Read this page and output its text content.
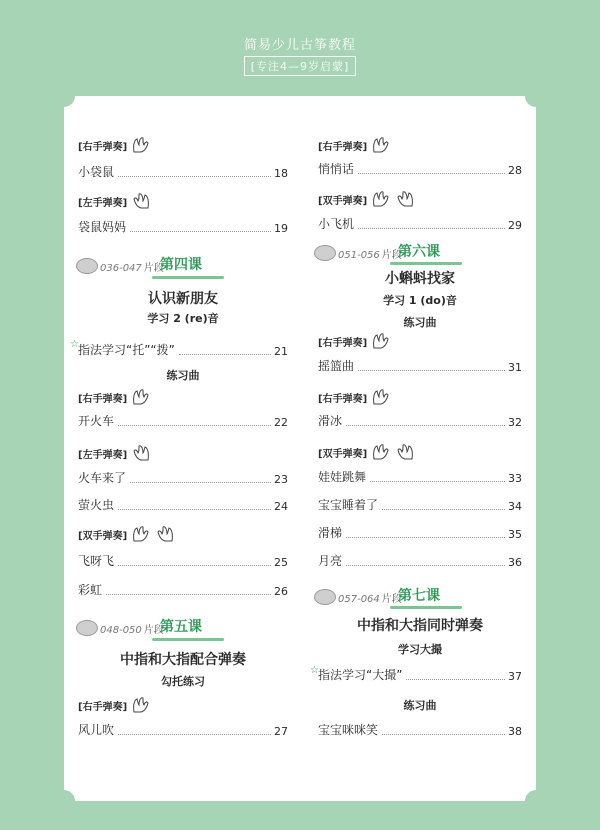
简易少儿古筝教程
[专注4—9岁启蒙]
[右手弹奏]
小袋鼠	18
[左手弹奏]
袋鼠妈妈	19
036-047 片段
第四课
认识新朋友
学习 2 (re)音
☆ 指法学习“托”“拨”	21
练习曲
[右手弹奏]
开火车	22
[左手弹奏]
火车来了	23
萤火虫	24
[双手弹奏]
飞呀飞	25
彩虹	26
048-050 片段
第五课
中指和大指配合弹奏
勾托练习
[右手弹奏]
风儿吹	27
[右手弹奏]
悄悄话	28
[双手弹奏]
小飞机	29
051-056 片段
第六课
小蝌蚪找家
学习 1 (do)音
练习曲
[右手弹奏]
摇篮曲	31
[右手弹奏]
滑冰	32
[双手弹奏]
娃娃跳舞	33
宝宝睡着了	34
滑梯	35
月亮	36
057-064 片段
第七课
中指和大指同时弹奏
学习大撮
☆ 指法学习“大撮”	37
练习曲
宝宝咪咪笑	38
